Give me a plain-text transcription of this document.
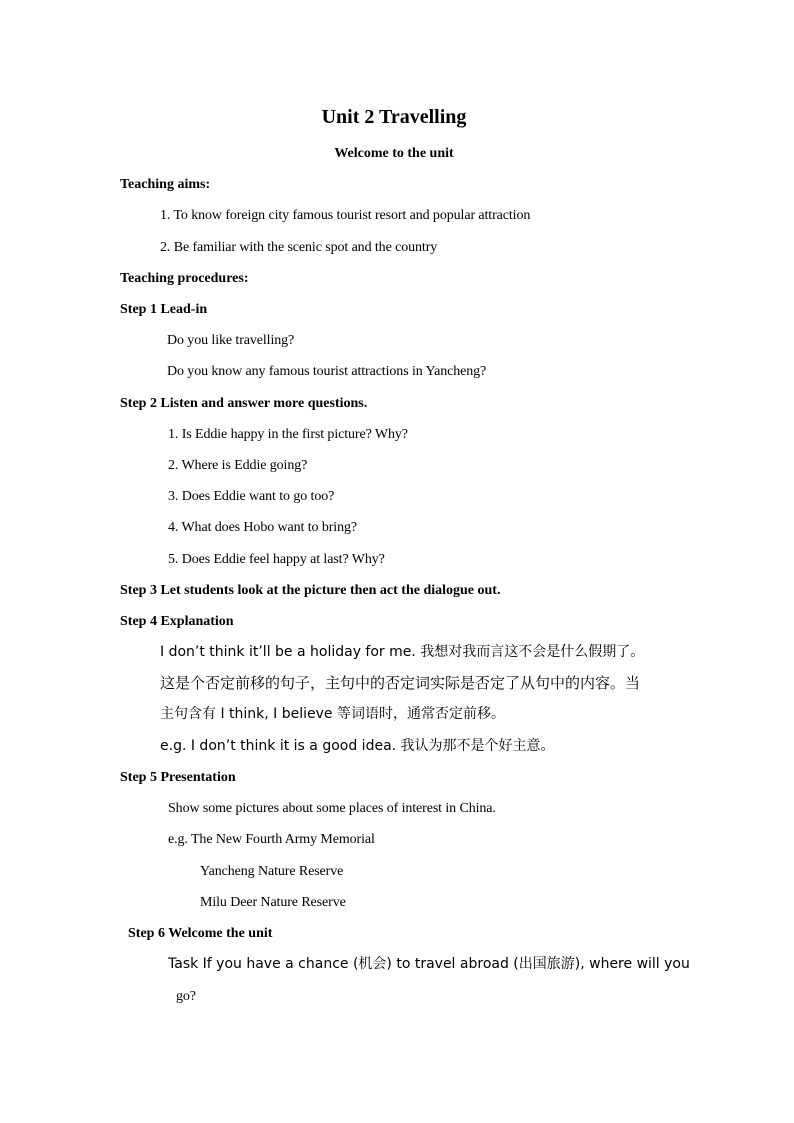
Unit 2 Travelling
Welcome to the unit
Teaching aims:
1. To know foreign city famous tourist resort and popular attraction
2. Be familiar with the scenic spot and the country
Teaching procedures:
Step 1 Lead-in
Do you like travelling?
Do you know any famous tourist attractions in Yancheng?
Step 2 Listen and answer more questions.
1. Is Eddie happy in the first picture? Why?
2. Where is Eddie going?
3. Does Eddie want to go too?
4. What does Hobo want to bring?
5. Does Eddie feel happy at last? Why?
Step 3 Let students look at the picture then act the dialogue out.
Step 4 Explanation
I don’t think it’ll be a holiday for me. 我想对我而言这不会是什么假期了。
这是个否定前移的句子，主句中的否定词实际是否定了从句中的内容。当
主句含有 I think, I believe 等词语时，通常否定前移。
e.g. I don’t think it is a good idea. 我认为那不是个好主意。
Step 5 Presentation
Show some pictures about some places of interest in China.
e.g. The New Fourth Army Memorial
Yancheng Nature Reserve
Milu Deer Nature Reserve
Step 6 Welcome the unit
Task If you have a chance (机会) to travel abroad (出国旅游), where will you
go?
